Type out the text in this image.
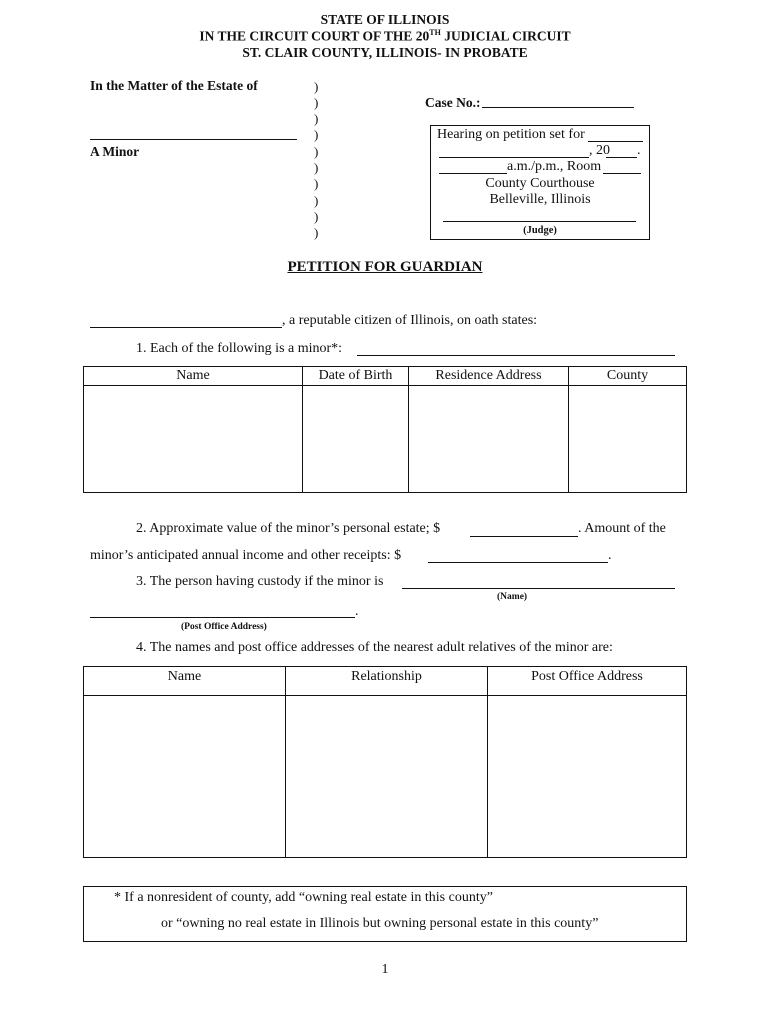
STATE OF ILLINOIS
IN THE CIRCUIT COURT OF THE 20TH JUDICIAL CIRCUIT
ST. CLAIR COUNTY, ILLINOIS- IN PROBATE
In the Matter of the Estate of
A Minor
)
)
)
)
)
)
)
)
)
)
Case No.:
Hearing on petition set for
, 20 .
a.m./p.m., Room
County Courthouse
Belleville, Illinois
(Judge)
PETITION FOR GUARDIAN
, a reputable citizen of Illinois, on oath states:
1. Each of the following is a minor*:
Name	Date of Birth	Residence Address	County

2. Approximate value of the minor’s personal estate; $	. Amount of the
minor’s anticipated annual income and other receipts: $	.
3. The person having custody if the minor is
(Name)
.
(Post Office Address)
4. The names and post office addresses of the nearest adult relatives of the minor are:
Name	Relationship	Post Office Address

* If a nonresident of county, add “owning real estate in this county”
or “owning no real estate in Illinois but owning personal estate in this county”
1
